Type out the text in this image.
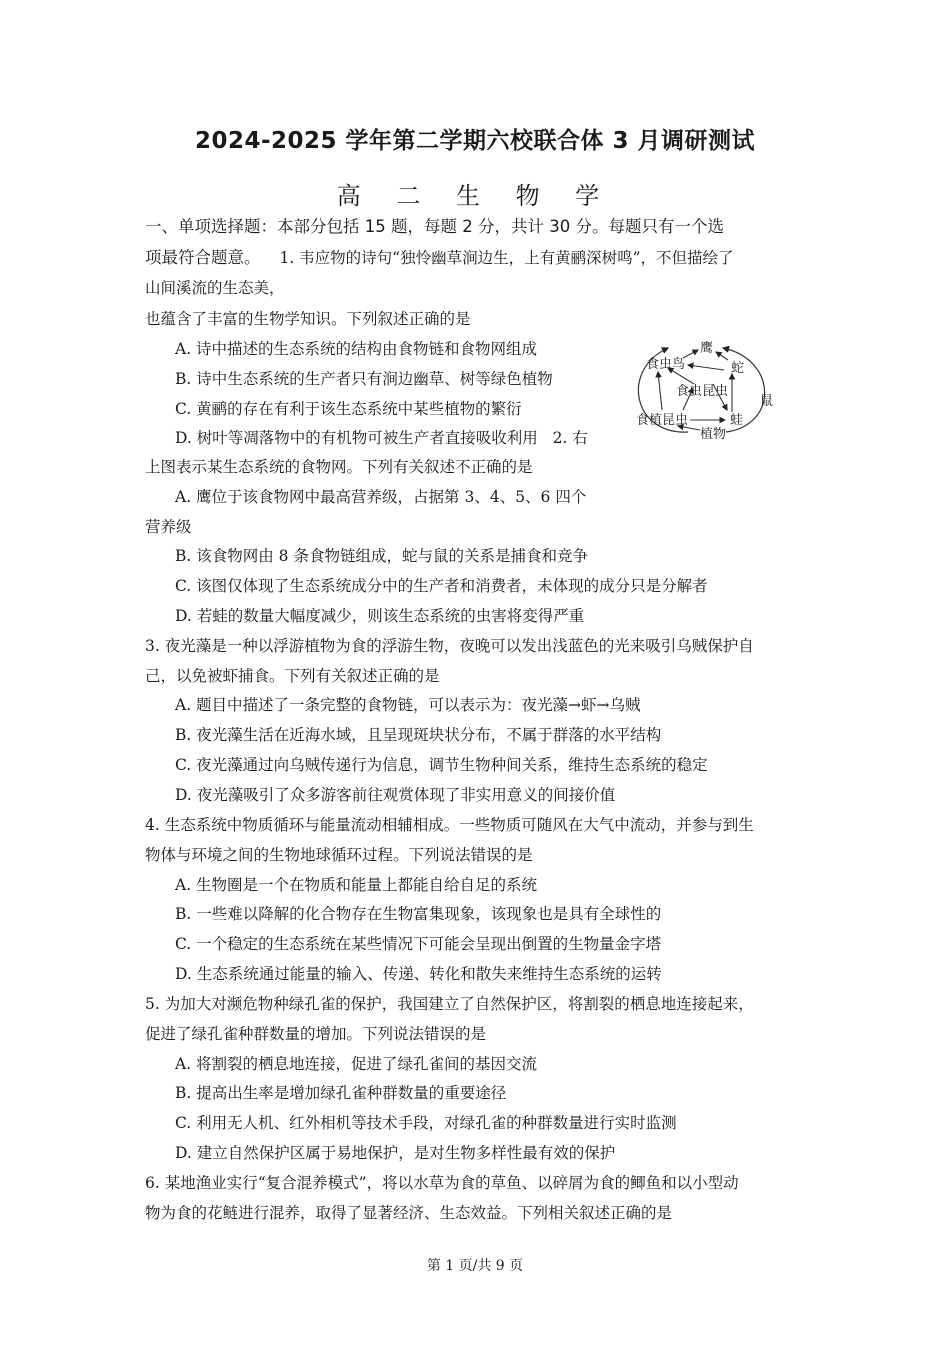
2024-2025 学年第二学期六校联合体 3 月调研测试
高 二 生 物 学
一、单项选择题：本部分包括 15 题，每题 2 分，共计 30 分。每题只有一个选
项最符合题意。 1. 韦应物的诗句“独怜幽草涧边生，上有黄鹂深树鸣”，不但描绘了
山间溪流的生态美，
也蕴含了丰富的生物学知识。下列叙述正确的是
A. 诗中描述的生态系统的结构由食物链和食物网组成
B. 诗中生态系统的生产者只有涧边幽草、树等绿色植物
C. 黄鹂的存在有利于该生态系统中某些植物的繁衍
D. 树叶等凋落物中的有机物可被生产者直接吸收利用 2. 右
上图表示某生态系统的食物网。下列有关叙述不正确的是
A. 鹰位于该食物网中最高营养级，占据第 3、4、5、6 四个
营养级
B. 该食物网由 8 条食物链组成，蛇与鼠的关系是捕食和竞争
C. 该图仅体现了生态系统成分中的生产者和消费者，未体现的成分只是分解者
D. 若蛙的数量大幅度减少，则该生态系统的虫害将変得严重
3. 夜光藻是一种以浮游植物为食的浮游生物，夜晚可以发出浅蓝色的光来吸引乌贼保护自
己，以免被虾捕食。下列有关叙述正确的是
A. 题目中描述了一条完整的食物链，可以表示为：夜光藻→虾→乌贼
B. 夜光藻生活在近海水域，且呈现斑块状分布，不属于群落的水平结构
C. 夜光藻通过向乌贼传递行为信息，调节生物种间关系，维持生态系统的稳定
D. 夜光藻吸引了众多游客前往观赏体现了非实用意义的间接价值
4. 生态系统中物质循环与能量流动相辅相成。一些物质可随风在大气中流动，并参与到生
物体与环境之间的生物地球循环过程。下列说法错误的是
A. 生物圈是一个在物质和能量上都能自给自足的系统
B. 一些难以降解的化合物存在生物富集现象，该现象也是具有全球性的
C. 一个稳定的生态系统在某些情况下可能会呈现出倒置的生物量金字塔
D. 生态系统通过能量的输入、传递、转化和散失来维持生态系统的运转
5. 为加大对濒危物种绿孔雀的保护，我国建立了自然保护区，将割裂的栖息地连接起来，
促进了绿孔雀种群数量的增加。下列说法错误的是
A. 将割裂的栖息地连接，促进了绿孔雀间的基因交流
B. 提高出生率是增加绿孔雀种群数量的重要途径
C. 利用无人机、红外相机等技术手段，对绿孔雀的种群数量进行实时监测
D. 建立自然保护区属于易地保护，是对生物多样性最有效的保护
6. 某地渔业实行“复合混养模式”，将以水草为食的草鱼、以碎屑为食的鲫鱼和以小型动
物为食的花鲢进行混养，取得了显著经济、生态效益。下列相关叙述正确的是
鹰
食虫鸟	蛇
食虫昆虫
鼠
食植昆虫	蛙
植物
第 1 页/共 9 页
